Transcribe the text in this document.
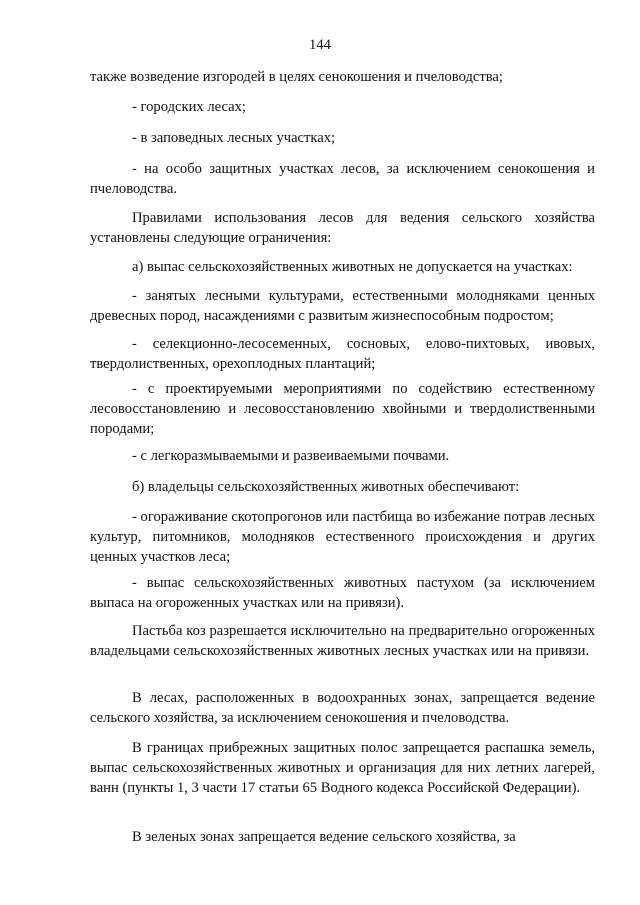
144

также возведение изгородей в целях сенокошения и пчеловодства;

- городских лесах;

- в заповедных лесных участках;

- на особо защитных участках лесов, за исключением сенокошения и пчеловодства.

Правилами использования лесов для ведения сельского хозяйства установлены следующие ограничения:

а) выпас сельскохозяйственных животных не допускается на участках:

- занятых лесными культурами, естественными молодняками ценных древесных пород, насаждениями с развитым жизнеспособным подростом;

- селекционно-лесосеменных, сосновых, елово-пихтовых, ивовых, твердолиственных, орехоплодных плантаций;

- с проектируемыми мероприятиями по содействию естественному лесовосстановлению и лесовосстановлению хвойными и твердолиственными породами;

- с легкоразмываемыми и развеиваемыми почвами.

б) владельцы сельскохозяйственных животных обеспечивают:

- огораживание скотопрогонов или пастбища во избежание потрав лесных культур, питомников, молодняков естественного происхождения и других ценных участков леса;

- выпас сельскохозяйственных животных пастухом (за исключением выпаса на огороженных участках или на привязи).

Пастьба коз разрешается исключительно на предварительно огороженных владельцами сельскохозяйственных животных лесных участках или на привязи.

В лесах, расположенных в водоохранных зонах, запрещается ведение сельского хозяйства, за исключением сенокошения и пчеловодства.

В границах прибрежных защитных полос запрещается распашка земель, выпас сельскохозяйственных животных и организация для них летних лагерей, ванн (пункты 1, 3 части 17 статьи 65 Водного кодекса Российской Федерации).

В зеленых зонах запрещается ведение сельского хозяйства, за
